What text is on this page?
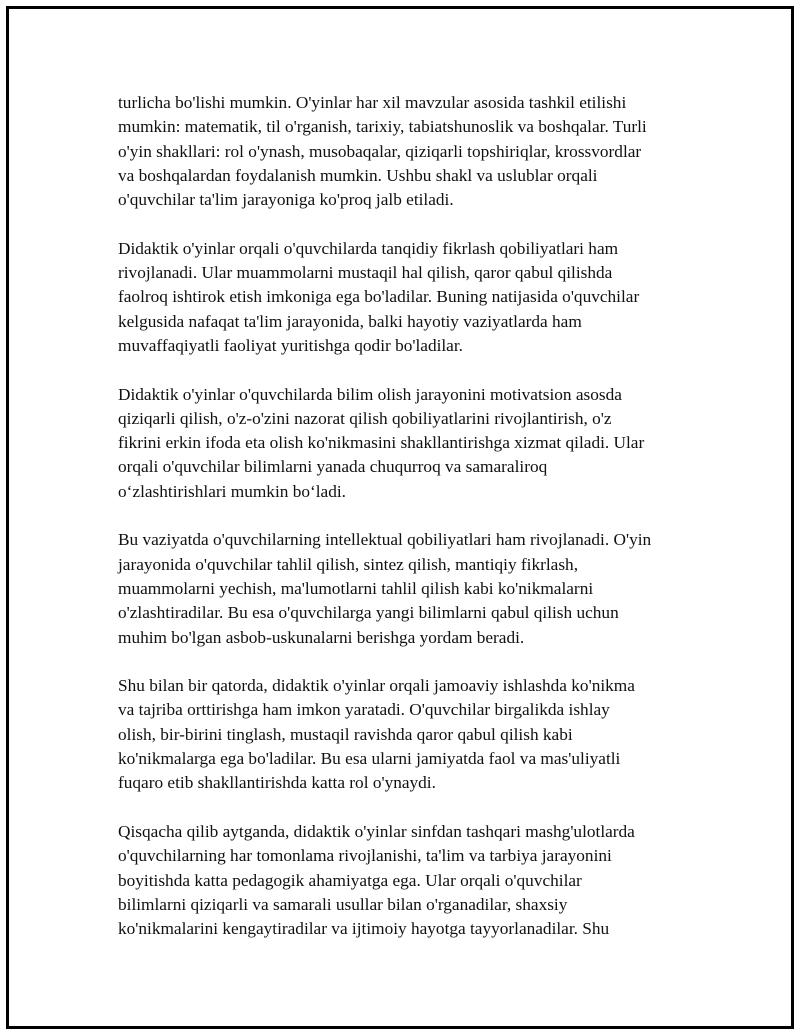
turlicha bo'lishi mumkin. O'yinlar har xil mavzular asosida tashkil etilishi
mumkin: matematik, til o'rganish, tarixiy, tabiatshunoslik va boshqalar. Turli
o'yin shakllari: rol o'ynash, musobaqalar, qiziqarli topshiriqlar, krossvordlar
va boshqalardan foydalanish mumkin. Ushbu shakl va uslublar orqali
o'quvchilar ta'lim jarayoniga ko'proq jalb etiladi.

Didaktik o'yinlar orqali o'quvchilarda tanqidiy fikrlash qobiliyatlari ham
rivojlanadi. Ular muammolarni mustaqil hal qilish, qaror qabul qilishda
faolroq ishtirok etish imkoniga ega bo'ladilar. Buning natijasida o'quvchilar
kelgusida nafaqat ta'lim jarayonida, balki hayotiy vaziyatlarda ham
muvaffaqiyatli faoliyat yuritishga qodir bo'ladilar.

Didaktik o'yinlar o'quvchilarda bilim olish jarayonini motivatsion asosda
qiziqarli qilish, o'z-o'zini nazorat qilish qobiliyatlarini rivojlantirish, o'z
fikrini erkin ifoda eta olish ko'nikmasini shakllantirishga xizmat qiladi. Ular
orqali o'quvchilar bilimlarni yanada chuqurroq va samaraliroq
o‘zlashtirishlari mumkin bo‘ladi.

Bu vaziyatda o'quvchilarning intellektual qobiliyatlari ham rivojlanadi. O'yin
jarayonida o'quvchilar tahlil qilish, sintez qilish, mantiqiy fikrlash,
muammolarni yechish, ma'lumotlarni tahlil qilish kabi ko'nikmalarni
o'zlashtiradilar. Bu esa o'quvchilarga yangi bilimlarni qabul qilish uchun
muhim bo'lgan asbob-uskunalarni berishga yordam beradi.

Shu bilan bir qatorda, didaktik o'yinlar orqali jamoaviy ishlashda ko'nikma
va tajriba orttirishga ham imkon yaratadi. O'quvchilar birgalikda ishlay
olish, bir-birini tinglash, mustaqil ravishda qaror qabul qilish kabi
ko'nikmalarga ega bo'ladilar. Bu esa ularni jamiyatda faol va mas'uliyatli
fuqaro etib shakllantirishda katta rol o'ynaydi.

Qisqacha qilib aytganda, didaktik o'yinlar sinfdan tashqari mashg'ulotlarda
o'quvchilarning har tomonlama rivojlanishi, ta'lim va tarbiya jarayonini
boyitishda katta pedagogik ahamiyatga ega. Ular orqali o'quvchilar
bilimlarni qiziqarli va samarali usullar bilan o'rganadilar, shaxsiy
ko'nikmalarini kengaytiradilar va ijtimoiy hayotga tayyorlanadilar. Shu
